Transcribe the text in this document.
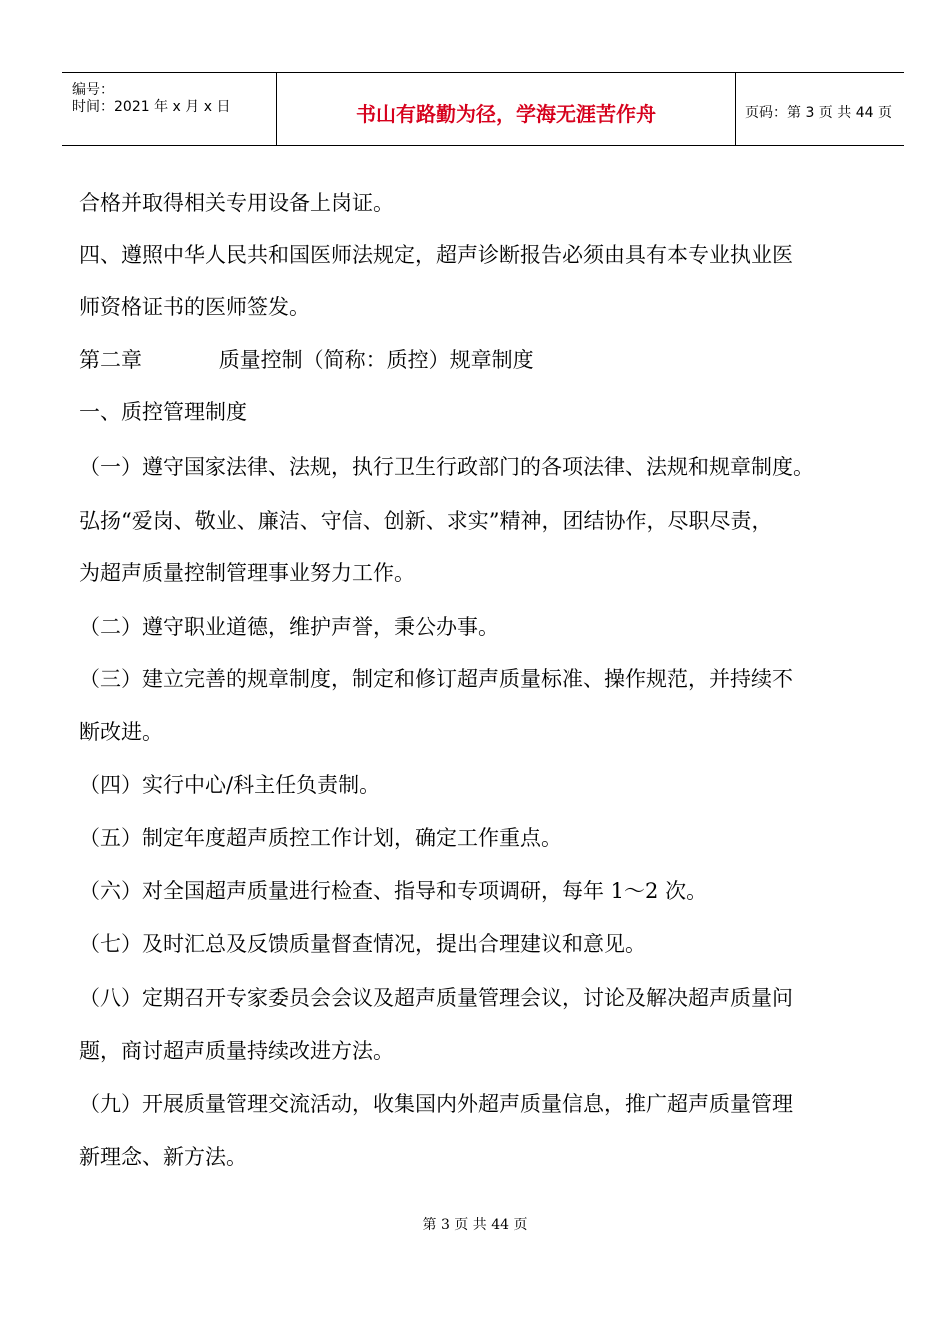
编号：
时间：2021 年 x 月 x 日	书山有路勤为径，学海无涯苦作舟	页码：第 3 页 共 44 页
合格并取得相关专用设备上岗证。
四、遵照中华人民共和国医师法规定，超声诊断报告必须由具有本专业执业医
师资格证书的医师签发。
第二章	质量控制（简称：质控）规章制度
一、质控管理制度
（一）遵守国家法律、法规，执行卫生行政部门的各项法律、法规和规章制度。
弘扬“爱岗、敬业、廉洁、守信、创新、求实”精神，团结协作，尽职尽责，
为超声质量控制管理事业努力工作。
（二）遵守职业道德，维护声誉，秉公办事。
（三）建立完善的规章制度，制定和修订超声质量标准、操作规范，并持续不
断改进。
（四）实行中心/科主任负责制。
（五）制定年度超声质控工作计划，确定工作重点。
（六）对全国超声质量进行检查、指导和专项调研，每年 1～2 次。
（七）及时汇总及反馈质量督查情况，提出合理建议和意见。
（八）定期召开专家委员会会议及超声质量管理会议，讨论及解决超声质量问
题，商讨超声质量持续改进方法。
（九）开展质量管理交流活动，收集国内外超声质量信息，推广超声质量管理
新理念、新方法。
第 3 页 共 44 页
